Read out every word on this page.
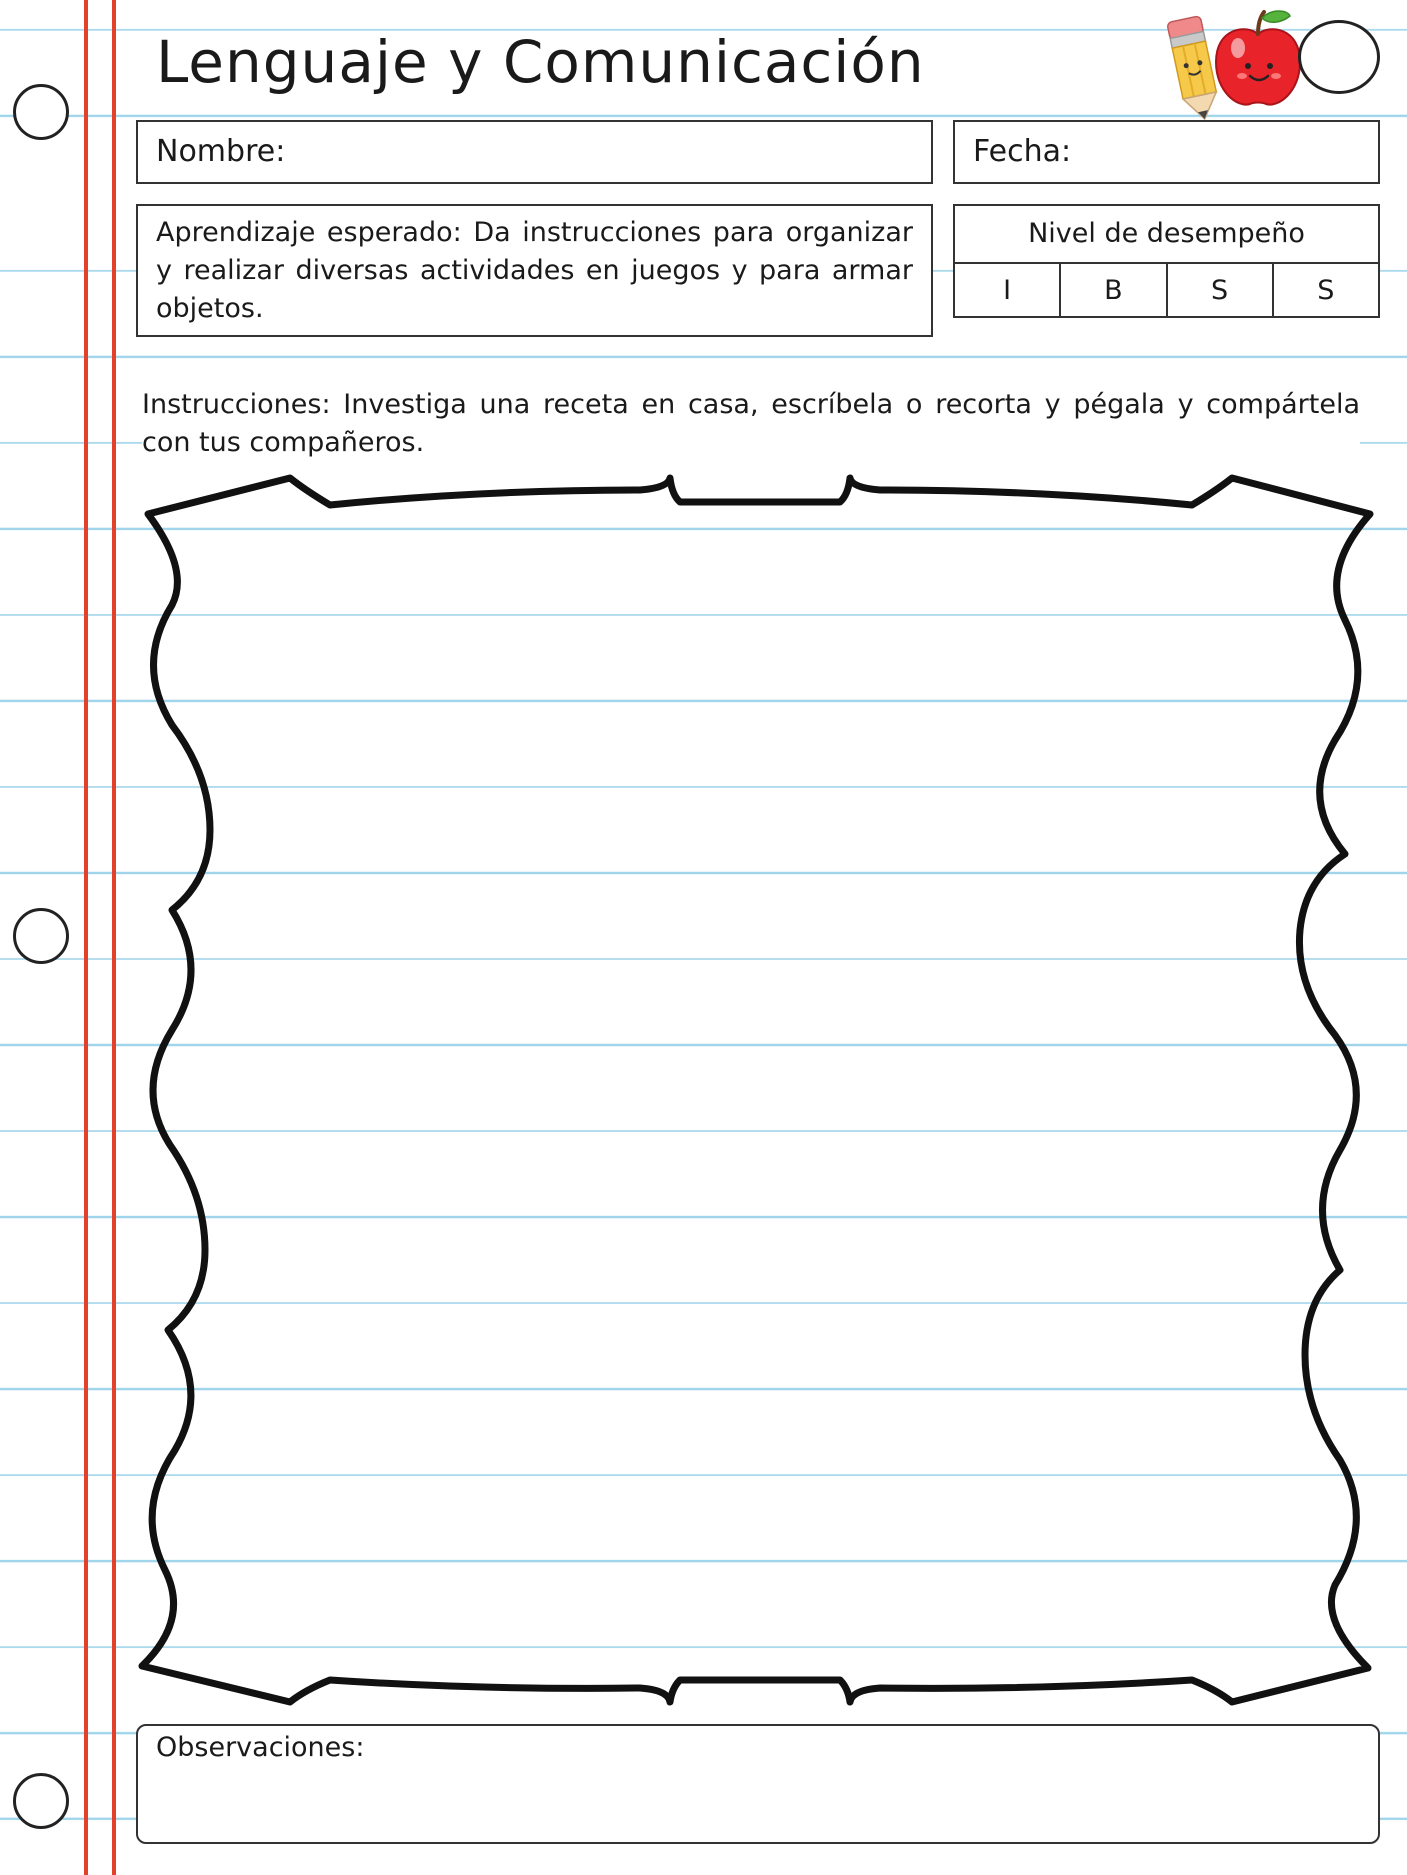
Lenguaje y Comunicación
Nombre:	Fecha:
Aprendizaje esperado: Da instrucciones para organizar y realizar diversas actividades en juegos y para armar objetos.
Nivel de desempeño
I	B	S	S
Instrucciones: Investiga una receta en casa, escríbela o recorta y pégala y compártela con tus compañeros.
Observaciones:
